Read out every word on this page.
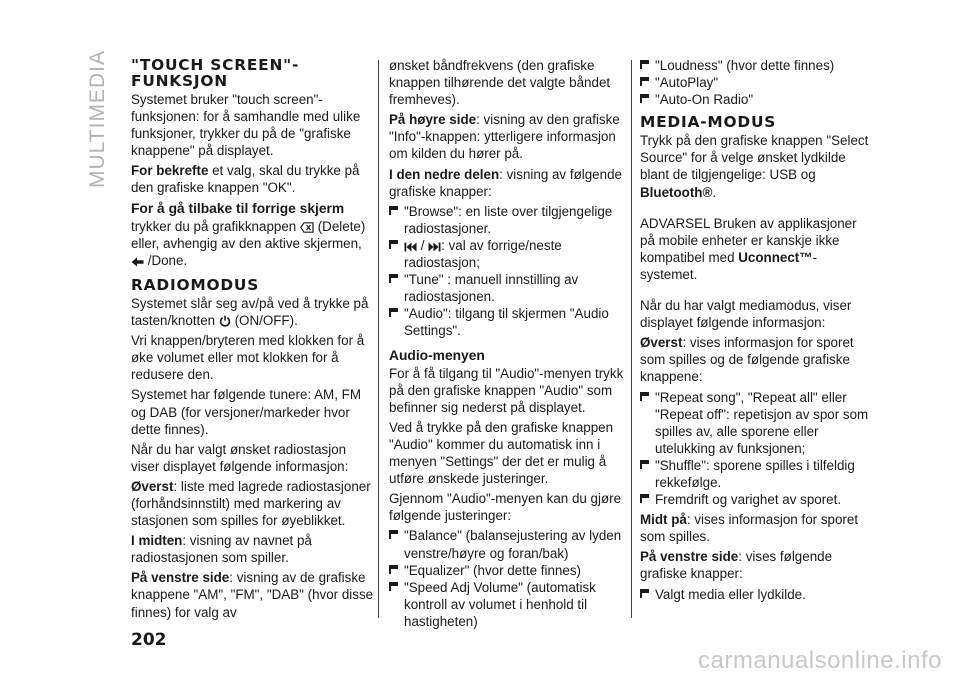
MULTIMEDIA "TOUCH SCREEN"-FUNKSJON

Systemet bruker "touch screen"-funksjonen: for å samhandle med ulike funksjoner, trykker du på de "grafiske knappene" på displayet.

For bekrefte et valg, skal du trykke på den grafiske knappen "OK".

For å gå tilbake til forrige skjerm

trykker du på grafikknappen  (Delete) eller, avhengig av den aktive skjermen,
/Done.

RADIOMODUS

Systemet slår seg av/på ved å trykke på tasten/knotten  (ON/OFF).

Vri knappen/bryteren med klokken for å øke volumet eller mot klokken for å redusere den.

Systemet har følgende tunere: AM, FM og DAB (for versjoner/markeder hvor dette finnes).

Når du har valgt ønsket radiostasjon viser displayet følgende informasjon:

Øverst: liste med lagrede radiostasjoner (forhåndsinnstilt) med markering av stasjonen som spilles for øyeblikket.

I midten: visning av navnet på radiostasjonen som spiller.

På venstre side: visning av de grafiske knappene "AM", "FM", "DAB" (hvor disse finnes) for valg av

ønsket båndfrekvens (den grafiske knappen tilhørende det valgte båndet fremheves).

På høyre side: visning av den grafiske "Info"-knappen: ytterligere informasjon om kilden du hører på.

I den nedre delen: visning av følgende grafiske knapper:

"Browse": en liste over tilgjengelige radiostasjoner.
/ : val av forrige/neste radiostasjon;
"Tune" : manuell innstilling av radiostasjonen.
"Audio": tilgang til skjermen "Audio Settings".
Audio-menyen

For å få tilgang til "Audio"-menyen trykk på den grafiske knappen "Audio" som befinner sig nederst på displayet.

Ved å trykke på den grafiske knappen "Audio" kommer du automatisk inn i menyen "Settings" der det er mulig å utføre ønskede justeringer.

Gjennom "Audio"-menyen kan du gjøre følgende justeringer:

"Balance" (balansejustering av lyden venstre/høyre og foran/bak)
"Equalizer" (hvor dette finnes)
"Speed Adj Volume" (automatisk kontroll av volumet i henhold til hastigheten)
"Loudness" (hvor dette finnes)
"AutoPlay"
"Auto-On Radio"
MEDIA-MODUS

Trykk på den grafiske knappen "Select Source" for å velge ønsket lydkilde blant de tilgjengelige: USB og Bluetooth®.

ADVARSEL Bruken av applikasjoner på mobile enheter er kanskje ikke kompatibel med Uconnect™-systemet.

Når du har valgt mediamodus, viser displayet følgende informasjon:

Øverst: vises informasjon for sporet som spilles og de følgende grafiske knappene:

"Repeat song", "Repeat all" eller "Repeat off": repetisjon av spor som spilles av, alle sporene eller utelukking av funksjonen;
"Shuffle": sporene spilles i tilfeldig rekkefølge.
Fremdrift og varighet av sporet.

Midt på: vises informasjon for sporet som spilles.

På venstre side: vises følgende grafiske knapper:

Valgt media eller lydkilde.
202
carmanualsonline.info
